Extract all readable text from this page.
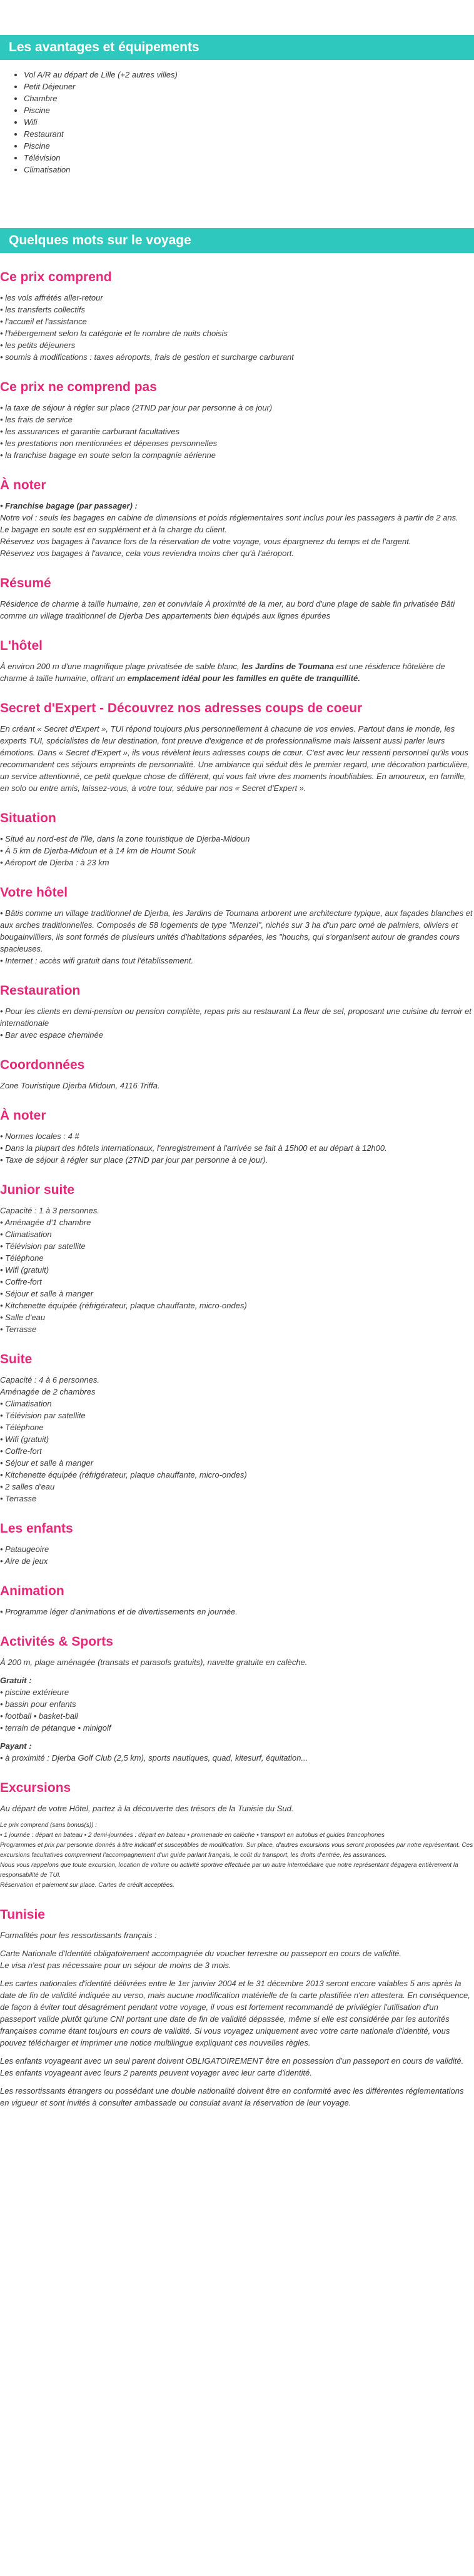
Les avantages et équipements
• Vol A/R au départ de Lille (+2 autres villes)
• Petit Déjeuner
• Chambre
• Piscine
• Wifi
• Restaurant
• Piscine
• Télévision
• Climatisation
Quelques mots sur le voyage
Ce prix comprend
• les vols affrétés aller-retour
• les transferts collectifs
• l'accueil et l'assistance
• l'hébergement selon la catégorie et le nombre de nuits choisis
• les petits déjeuners
• soumis à modifications : taxes aéroports, frais de gestion et surcharge carburant
Ce prix ne comprend pas
• la taxe de séjour à régler sur place (2TND par jour par personne à ce jour)
• les frais de service
• les assurances et garantie carburant facultatives
• les prestations non mentionnées et dépenses personnelles
• la franchise bagage en soute selon la compagnie aérienne
À noter
• Franchise bagage (par passager) :
Notre vol : seuls les bagages en cabine de dimensions et poids réglementaires sont inclus pour les passagers à partir de 2 ans.
Le bagage en soute est en supplément et à la charge du client.
Réservez vos bagages à l'avance lors de la réservation de votre voyage, vous épargnerez du temps et de l'argent.
Réservez vos bagages à l'avance, cela vous reviendra moins cher qu'à l'aéroport.
Résumé

Résidence de charme à taille humaine, zen et conviviale À proximité de la mer, au bord d'une plage de sable fin privatisée Bâti comme un village traditionnel de Djerba Des appartements bien équipés aux lignes épurées

L'hôtel

À environ 200 m d'une magnifique plage privatisée de sable blanc, les Jardins de Toumana est une résidence hôtelière de charme à taille humaine, offrant un emplacement idéal pour les familles en quête de tranquillité.

Secret d'Expert - Découvrez nos adresses coups de coeur

En créant « Secret d'Expert », TUI répond toujours plus personnellement à chacune de vos envies. Partout dans le monde, les experts TUI, spécialistes de leur destination, font preuve d'exigence et de professionnalisme mais laissent aussi parler leurs émotions. Dans « Secret d'Expert », ils vous révèlent leurs adresses coups de cœur. C'est avec leur ressenti personnel qu'ils vous recommandent ces séjours empreints de personnalité. Une ambiance qui séduit dès le premier regard, une décoration particulière, un service attentionné, ce petit quelque chose de différent, qui vous fait vivre des moments inoubliables. En amoureux, en famille, en solo ou entre amis, laissez-vous, à votre tour, séduire par nos « Secret d'Expert ».

Situation
• Situé au nord-est de l'île, dans la zone touristique de Djerba-Midoun
• À 5 km de Djerba-Midoun et à 14 km de Houmt Souk
• Aéroport de Djerba : à 23 km
Votre hôtel
• Bâtis comme un village traditionnel de Djerba, les Jardins de Toumana arborent une architecture typique, aux façades blanches et aux arches traditionnelles. Composés de 58 logements de type "Menzel", nichés sur 3 ha d'un parc orné de palmiers, oliviers et bougainvilliers, ils sont formés de plusieurs unités d'habitations séparées, les "houchs, qui s'organisent autour de grandes cours spacieuses.
• Internet : accès wifi gratuit dans tout l'établissement.
Restauration
• Pour les clients en demi-pension ou pension complète, repas pris au restaurant La fleur de sel, proposant une cuisine du terroir et internationale
• Bar avec espace cheminée
Coordonnées

Zone Touristique Djerba Midoun, 4116 Triffa.

À noter
• Normes locales : 4 #
• Dans la plupart des hôtels internationaux, l'enregistrement à l'arrivée se fait à 15h00 et au départ à 12h00.
• Taxe de séjour à régler sur place (2TND par jour par personne à ce jour).
Junior suite
Capacité : 1 à 3 personnes.
• Aménagée d'1 chambre
• Climatisation
• Télévision par satellite
• Téléphone
• Wifi (gratuit)
• Coffre-fort
• Séjour et salle à manger
• Kitchenette équipée (réfrigérateur, plaque chauffante, micro-ondes)
• Salle d'eau
• Terrasse
Suite
Capacité : 4 à 6 personnes.
Aménagée de 2 chambres
• Climatisation
• Télévision par satellite
• Téléphone
• Wifi (gratuit)
• Coffre-fort
• Séjour et salle à manger
• Kitchenette équipée (réfrigérateur, plaque chauffante, micro-ondes)
• 2 salles d'eau
• Terrasse
Les enfants
• Pataugeoire
• Aire de jeux
Animation
• Programme léger d'animations et de divertissements en journée.
Activités & Sports

À 200 m, plage aménagée (transats et parasols gratuits), navette gratuite en calèche.

Gratuit :
• piscine extérieure
• bassin pour enfants
• football • basket-ball
• terrain de pétanque • minigolf
Payant :
• à proximité : Djerba Golf Club (2,5 km), sports nautiques, quad, kitesurf, équitation...
Excursions

Au départ de votre Hôtel, partez à la découverte des trésors de la Tunisie du Sud.

Le prix comprend (sans bonus(s)) :
• 1 journée : départ en bateau • 2 demi-journées : départ en bateau • promenade en calèche • transport en autobus et guides francophones
Programmes et prix par personne donnés à titre indicatif et susceptibles de modification. Sur place, d'autres excursions vous seront proposées par notre représentant. Ces excursions facultatives comprennent l'accompagnement d'un guide parlant français, le coût du transport, les droits d'entrée, les assurances.
Nous vous rappelons que toute excursion, location de voiture ou activité sportive effectuée par un autre intermédiaire que notre représentant dégagera entièrement la responsabilité de TUI.
Réservation et paiement sur place. Cartes de crédit acceptées.
Tunisie

Formalités pour les ressortissants français :

Carte Nationale d'Identité obligatoirement accompagnée du voucher terrestre ou passeport en cours de validité.

Le visa n'est pas nécessaire pour un séjour de moins de 3 mois.

Les cartes nationales d'identité délivrées entre le 1er janvier 2004 et le 31 décembre 2013 seront encore valables 5 ans après la date de fin de validité indiquée au verso, mais aucune modification matérielle de la carte plastifiée n'en attestera. En conséquence, de façon à éviter tout désagrément pendant votre voyage, il vous est fortement recommandé de privilégier l'utilisation d'un passeport valide plutôt qu'une CNI portant une date de fin de validité dépassée, même si elle est considérée par les autorités françaises comme étant toujours en cours de validité. Si vous voyagez uniquement avec votre carte nationale d'identité, vous pouvez télécharger et imprimer une notice multilingue expliquant ces nouvelles règles.

Les enfants voyageant avec un seul parent doivent OBLIGATOIREMENT être en possession d'un passeport en cours de validité. Les enfants voyageant avec leurs 2 parents peuvent voyager avec leur carte d'identité.

Les ressortissants étrangers ou possédant une double nationalité doivent être en conformité avec les différentes réglementations en vigueur et sont invités à consulter ambassade ou consulat avant la réservation de leur voyage.
